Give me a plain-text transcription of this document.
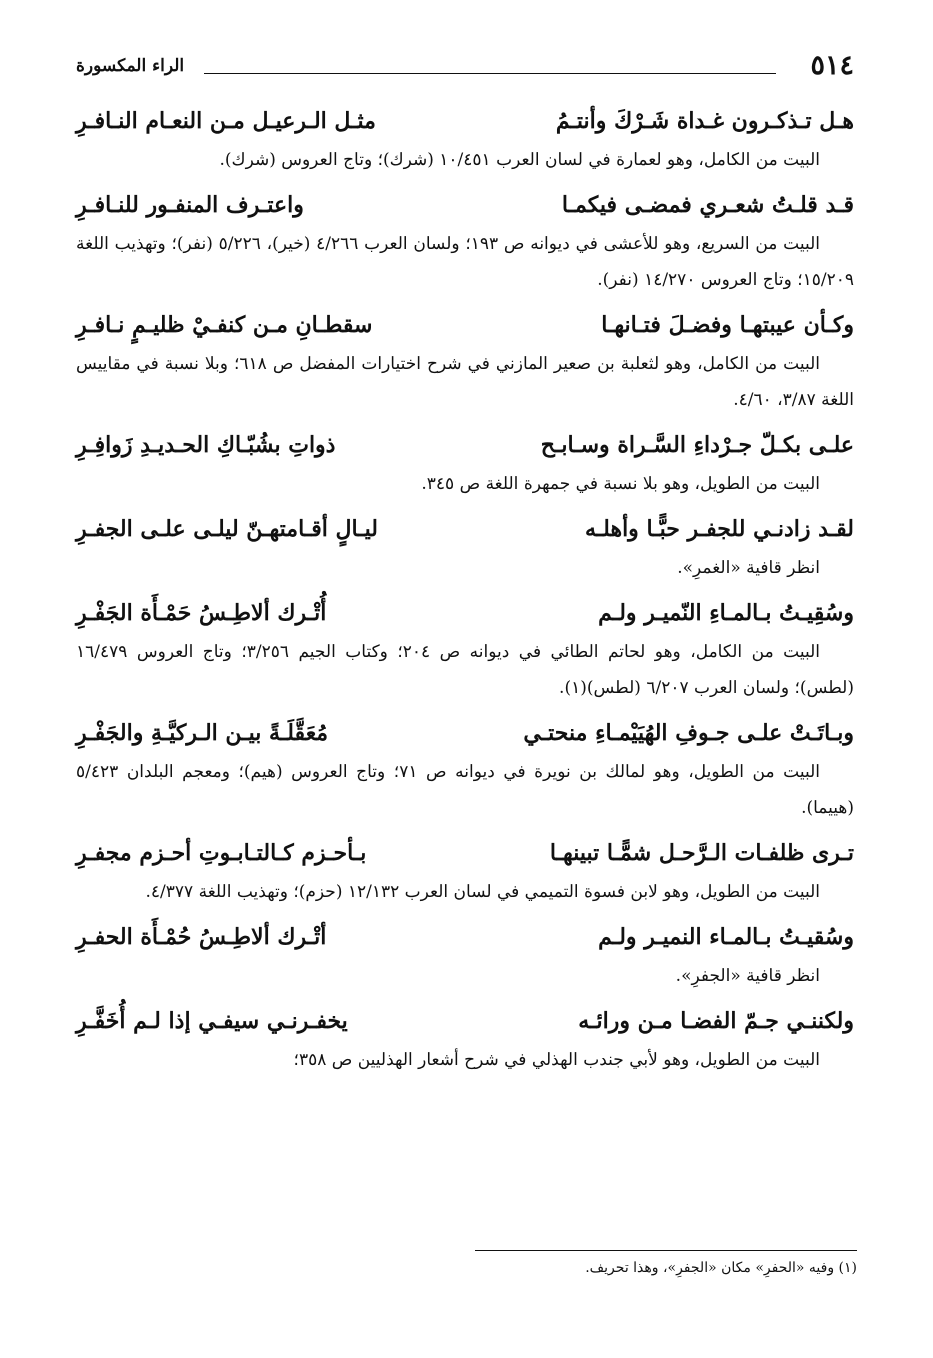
٥١٤
الراء المكسورة
هـل تـذكـرون غـداة شَـرْكَ وأنتـمُ
مثـل الـرعيـل مـن النعـام النـافـرِ

البيت من الكامل، وهو لعمارة في لسان العرب ١٠/٤٥١ (شرك)؛ وتاج العروس (شرك).

قـد قلـتُ شعـري فمضـى فيكمـا
واعتـرف المنفـور للنـافـرِ

البيت من السريع، وهو للأعشى في ديوانه ص ١٩٣؛ ولسان العرب ٤/٢٦٦ (خير)، ٥/٢٢٦ (نفر)؛ وتهذيب اللغة ١٥/٢٠٩؛ وتاج العروس ١٤/٢٧٠ (نفر).

وكـأن عيبتهـا وفضـلَ فتـانهـا
سقطـانِ مـن كنفـيْ ظليـمٍ نـافـرِ

البيت من الكامل، وهو لثعلبة بن صعير المازني في شرح اختيارات المفضل ص ٦١٨؛ وبلا نسبة في مقاييس اللغة ٣/٨٧، ٤/٦٠.

علـى بكـلّ جـرْداءِ السَّـراة وسـابـح
ذواتِ بشُبّـاكِ الحـديـدِ زَوافِـرِ

البيت من الطويل، وهو بلا نسبة في جمهرة اللغة ص ٣٤٥.

لقـد زادنـي للجفـر حبًّـا وأهلـه
ليـالٍ أقـامتهـنّ ليلـى علـى الجفـرِ

انظر قافية «الغمرِ».

وسُقِيـتُ بـالمـاءِ النّميـر ولـم
أُتْـرك ألاطِـسُ حَمْـأَة الجَفْـرِ

البيت من الكامل، وهو لحاتم الطائي في ديوانه ص ٢٠٤؛ وكتاب الجيم ٣/٢٥٦؛ وتاج العروس ١٦/٤٧٩ (لطس)؛ ولسان العرب ٦/٢٠٧ (لطس)(١).

وبـاتَـتْ علـى جـوفِ الهُيَيْمـاءِ منحتـي
مُعَقَّلَـةً بيـن الـركيَّـةِ والجَفْـرِ

البيت من الطويل، وهو لمالك بن نويرة في ديوانه ص ٧١؛ وتاج العروس (هيم)؛ ومعجم البلدان ٥/٤٢٣ (هييما).

تـرى ظلفـات الـرَّحـل شمًّـا تبينهـا
بـأحـزم كـالتـابـوتِ أحـزم مجفـرِ

البيت من الطويل، وهو لابن فسوة التميمي في لسان العرب ١٢/١٣٢ (حزم)؛ وتهذيب اللغة ٤/٣٧٧.

وسُقيـتُ بـالمـاء النميـر ولـم
أتْـرك ألاطِـسُ حُمْـأَة الحفـرِ

انظر قافية «الجفرِ».

ولكننـي جـمّ الفضـا مـن ورائـه
يخفـرنـي سيفـي إذا لـم أُخَفَّـرِ

البيت من الطويل، وهو لأبي جندب الهذلي في شرح أشعار الهذليين ص ٣٥٨؛

(١) وفيه «الحفرِ» مكان «الجفرِ»، وهذا تحريف.
